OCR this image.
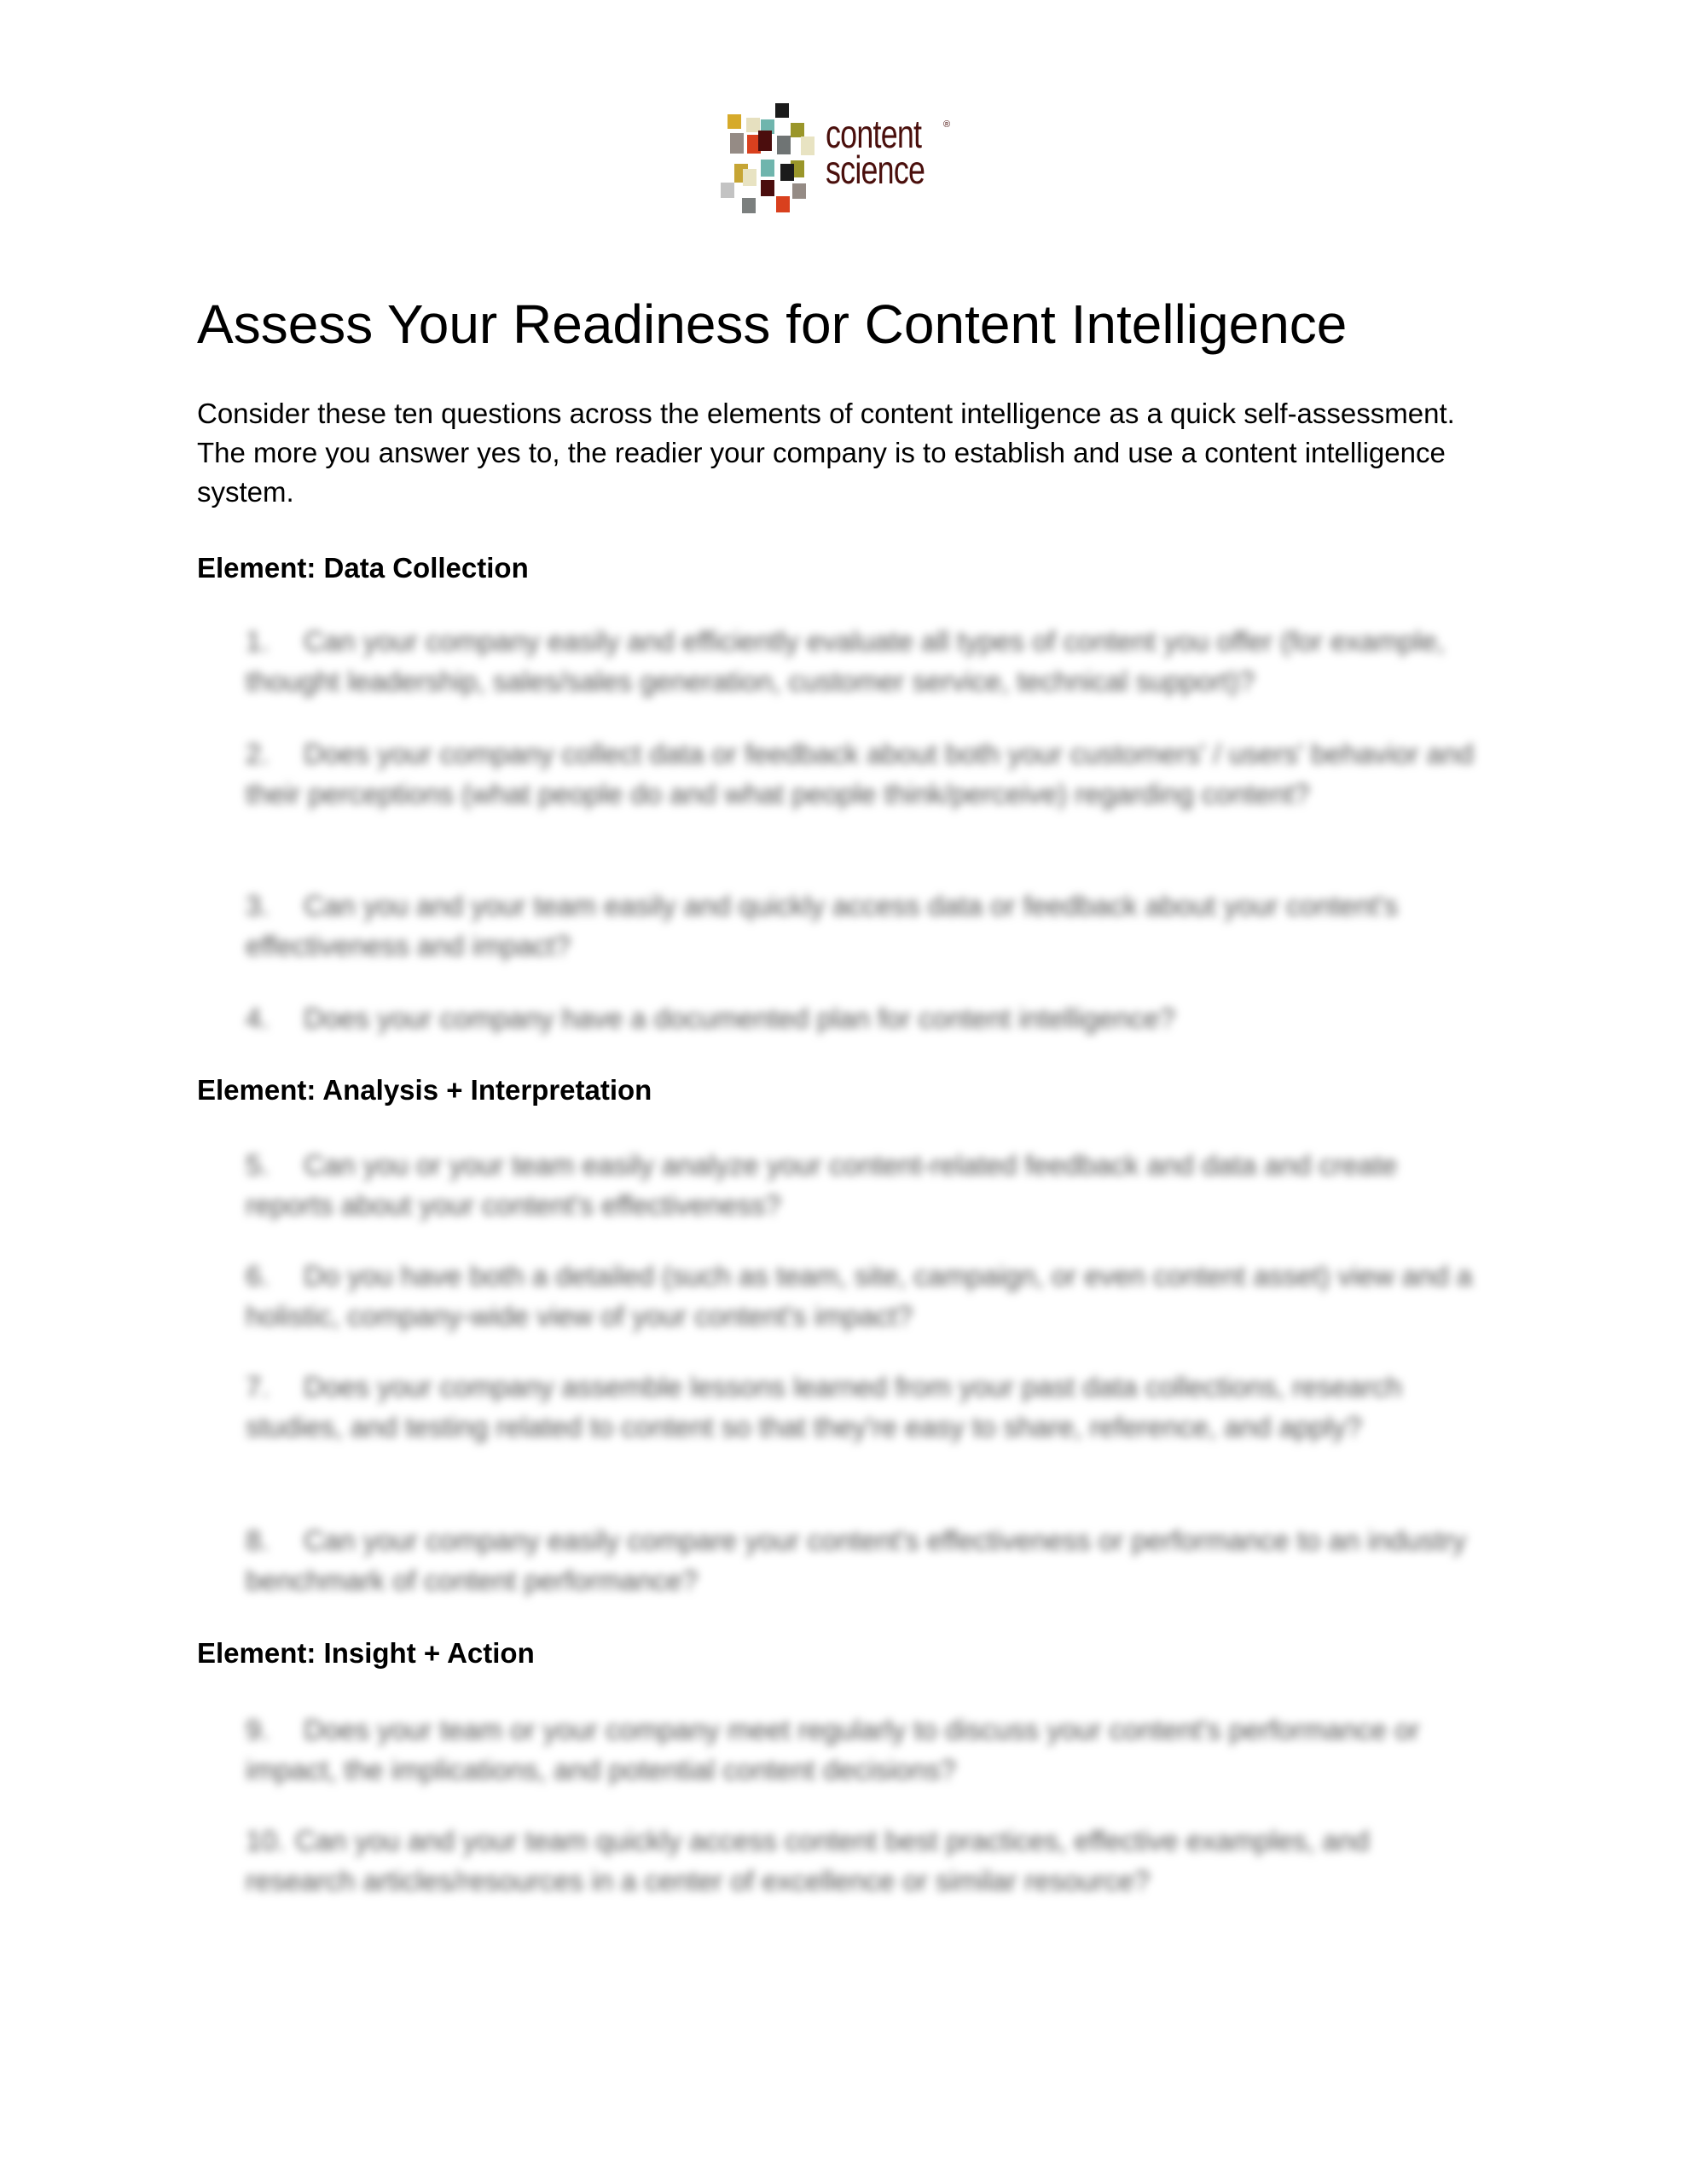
content
science
®
Assess Your Readiness for Content Intelligence

Consider these ten questions across the elements of content intelligence as a quick self-assessment. The more you answer yes to, the readier your company is to establish and use a content intelligence system.

Element: Data Collection

1. Can your company easily and efficiently evaluate all types of content you offer (for example, thought leadership, sales/sales generation, customer service, technical support)?

2. Does your company collect data or feedback about both your customers' / users' behavior and their perceptions (what people do and what people think/perceive) regarding content?

3. Can you and your team easily and quickly access data or feedback about your content's effectiveness and impact?

4. Does your company have a documented plan for content intelligence?

Element: Analysis + Interpretation

5. Can you or your team easily analyze your content-related feedback and data and create reports about your content's effectiveness?

6. Do you have both a detailed (such as team, site, campaign, or even content asset) view and a holistic, company-wide view of your content's impact?

7. Does your company assemble lessons learned from your past data collections, research studies, and testing related to content so that they're easy to share, reference, and apply?

8. Can your company easily compare your content's effectiveness or performance to an industry benchmark of content performance?

Element: Insight + Action

9. Does your team or your company meet regularly to discuss your content's performance or impact, the implications, and potential content decisions?

10. Can you and your team quickly access content best practices, effective examples, and research articles/resources in a center of excellence or similar resource?
